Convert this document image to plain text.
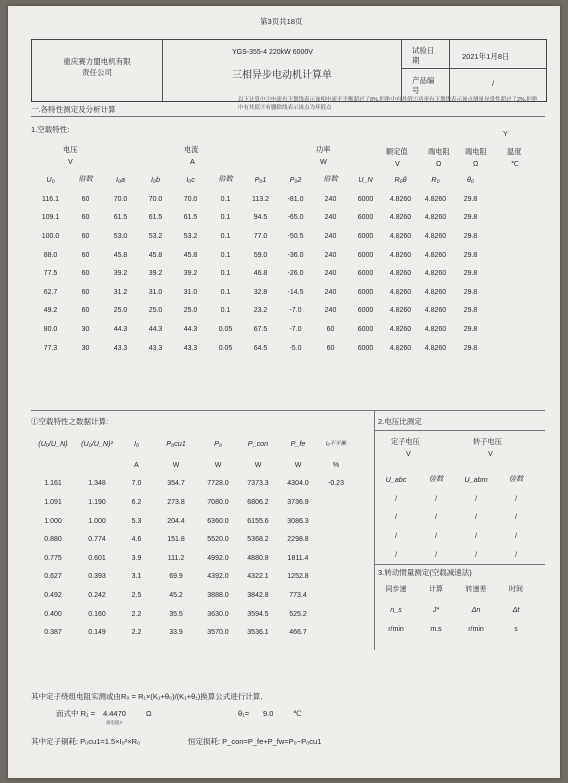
第3页共18页
重庆赛力盟电机有限责任公司
YGS-355-4 220kW 6000V
三相异步电动机计算单
试验日期	2021年1月8日
产品编号
/
一.各特性测定及分析计算
以下计算中①电流有下划线表示该相电流不平衡超过了8%,拒绝中有其值②功率有下划线表示该点测量异常性超过了2%,拒绝中有其值③有删除线表示该点为坏值点
1.空载特性:	Y
电压
V
电流
A
功率
W
额定值
V
端电阻
Ω
端电阻
Ω
温度
℃
U₀	倍数	I₀a	I₀b	I₀c	倍数	P₀1	P₀2	倍数	U_N	R₀θ	R₀	θ₀
116.1	60	70.0	70.0	70.0	0.1	113.2	-81.0	240	6000	4.8260	4.8260	29.8
109.1	60	61.5	61.5	61.5	0.1	94.5	-65.0	240	6000	4.8260	4.8260	29.8
100.0	60	53.0	53.2	53.2	0.1	77.0	-50.5	240	6000	4.8260	4.8260	29.8
88.0	60	45.8	45.8	45.8	0.1	59.0	-36.0	240	6000	4.8260	4.8260	29.8
77.5	60	39.2	39.2	39.2	0.1	46.8	-26.0	240	6000	4.8260	4.8260	29.8
62.7	60	31.2	31.0	31.0	0.1	32.8	-14.5	240	6000	4.8260	4.8260	29.8
49.2	60	25.0	25.0	25.0	0.1	23.2	-7.0	240	6000	4.8260	4.8260	29.8
80.0	30	44.3	44.3	44.3	0.05	67.5	-7.0	60	6000	4.8260	4.8260	29.8
77.3	30	43.3	43.3	43.3	0.05	64.5	-5.0	60	6000	4.8260	4.8260	29.8
①空载特性之数据计算:
(U₀/U_N)	(U₀/U_N)²	I₀	P₀cu1	P₀	P_con	P_fe	I₀不平衡
		A	W	W	W	W	%
1.161	1.348	7.0	354.7	7728.0	7373.3	4304.0	-0.23
1.091	1.190	6.2	273.8	7080.0	6806.2	3736.9	
1.000	1.000	5.3	204.4	6360.0	6155.6	3086.3	
0.880	0.774	4.6	151.8	5520.0	5368.2	2298.8	
0.775	0.601	3.9	111.2	4992.0	4880.8	1811.4	
0.627	0.393	3.1	69.9	4392.0	4322.1	1252.8	
0.492	0.242	2.5	45.2	3888.0	3842.8	773.4	
0.400	0.160	2.2	35.5	3630.0	3594.5	525.2	
0.387	0.149	2.2	33.9	3570.0	3536.1	466.7	
2.电压比测定
定子电压
V
转子电压
V
U_abc	倍数	U_abm	倍数
/	/	/	/
/	/	/	/
/	/	/	/
/	/	/	/
3.转动惯量测定(空载减速法)
同步速	计算	转速差	时间
n_s	J*	Δn	Δt
r/min	m.s	r/min	s
其中定子绕组电阻实测或由R₀ = R₁×(K₁+θ₀)/(K₁+θ₁)换算公式进行计算,
而式中 R₁ = 4.4470	Ω
端电阻Y
θ₁= 9.0	℃
其中定子铜耗: P₀cu1=1.5×I₀²×R₀	恒定损耗: P_con=P_fe+P_fw=P₀−P₀cu1
